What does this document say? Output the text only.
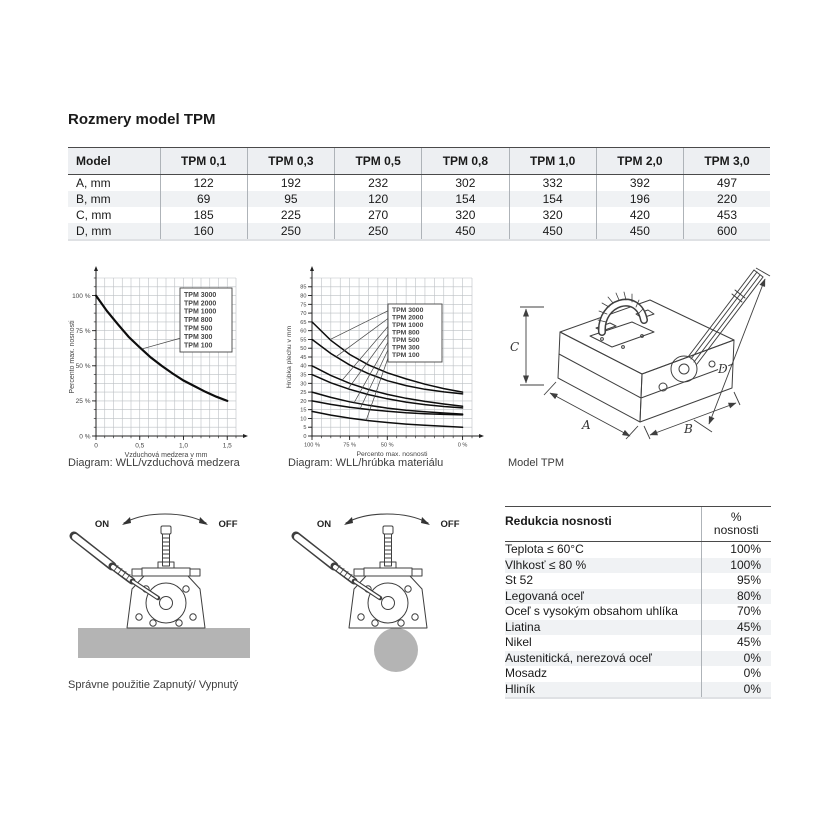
Rozmery model TPM
Model	TPM 0,1	TPM 0,3	TPM 0,5	TPM 0,8	TPM 1,0	TPM 2,0	TPM 3,0
A, mm	122	192	232	302	332	392	497
B, mm	69	95	120	154	154	196	220
C, mm	185	225	270	320	320	420	453
D, mm	160	250	250	450	450	450	600
0	0,5	1,0	1,5
0 %
25 %
50 %
75 %
100 %	TPM 3000
TPM 2000
TPM 1000
TPM 800
TPM 500
TPM 300
TPM 100
Vzduchová medzera v mm
Percento max. nosnosti
100 %	75 %	50 %	0 %
0
5
10
15
20
25
30
35
40
45
50
55
60
65
70
75
80
85
TPM 3000
TPM 2000
TPM 1000
TPM 800
TPM 500
TPM 300
TPM 100
Percento max. nosnosti
Hrúbka plechu v mm	C
A	B
D
Diagram: WLL/vzduchová medzera	Diagram: WLL/hrúbka materiálu	Model TPM
ON	OFF	ON	OFF
Správne použitie Zapnutý/ Vypnutý
Redukcia nosnosti	%
nosnosti
Teplota ≤ 60°C	100%
Vlhkosť ≤ 80 %	100%
St 52	95%
Legovaná oceľ	80%
Oceľ s vysokým obsahom uhlíka	70%
Liatina	45%
Nikel	45%
Austenitická, nerezová oceľ	0%
Mosadz	0%
Hliník	0%
